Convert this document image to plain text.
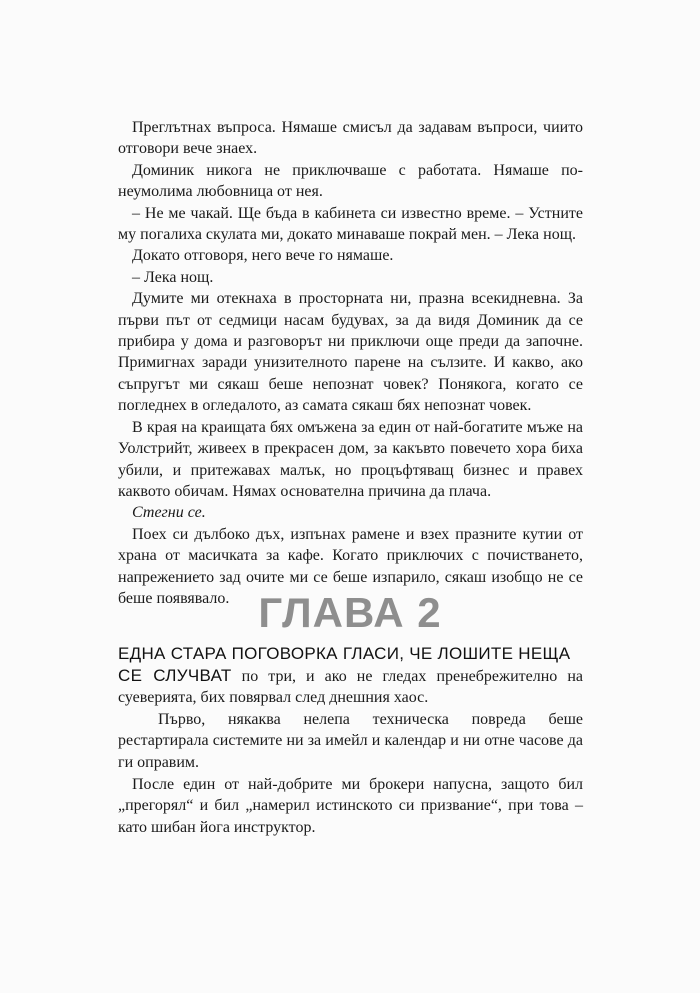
Преглътнах въпроса. Нямаше смисъл да задавам въпроси, чиито отговори вече знаех.

Доминик никога не приключваше с работата. Нямаше по-неумолима любовница от нея.

– Не ме чакай. Ще бъда в кабинета си известно време. – Устните му погалиха скулата ми, докато минаваше покрай мен. – Лека нощ.

Докато отговоря, него вече го нямаше.

– Лека нощ.

Думите ми отекнаха в просторната ни, празна всекидневна. За първи път от седмици насам будувах, за да видя Доминик да се прибира у дома и разговорът ни приключи още преди да започне. Примигнах заради унизителното парене на сълзите. И какво, ако съпругът ми сякаш беше непознат човек? Понякога, когато се погледнех в огледалото, аз самата сякаш бях непознат човек.

В края на краищата бях омъжена за един от най-богатите мъже на Уолстрийт, живеех в прекрасен дом, за какъвто повечето хора биха убили, и притежавах малък, но процъфтяващ бизнес и правех каквото обичам. Нямах основателна причина да плача.

Стегни се.

Поех си дълбоко дъх, изпънах рамене и взех празните кутии от храна от масичката за кафе. Когато приключих с почистването, напрежението зад очите ми се беше изпарило, сякаш изобщо не се беше появявало. ГЛАВА 2
ЕДНА СТАРА ПОГОВОРКА ГЛАСИ, ЧЕ ЛОШИТЕ НЕЩА

СЕ СЛУЧВАТ по три, и ако не гледах пренебрежително на суеверията, бих повярвал след днешния хаос.

Първо, някаква нелепа техническа повреда беше рестартирала системите ни за имейл и календар и ни отне часове да ги оправим.

После един от най-добрите ми брокери напусна, защото бил „прегорял“ и бил „намерил истинското си призвание“, при това – като шибан йога инструктор.
